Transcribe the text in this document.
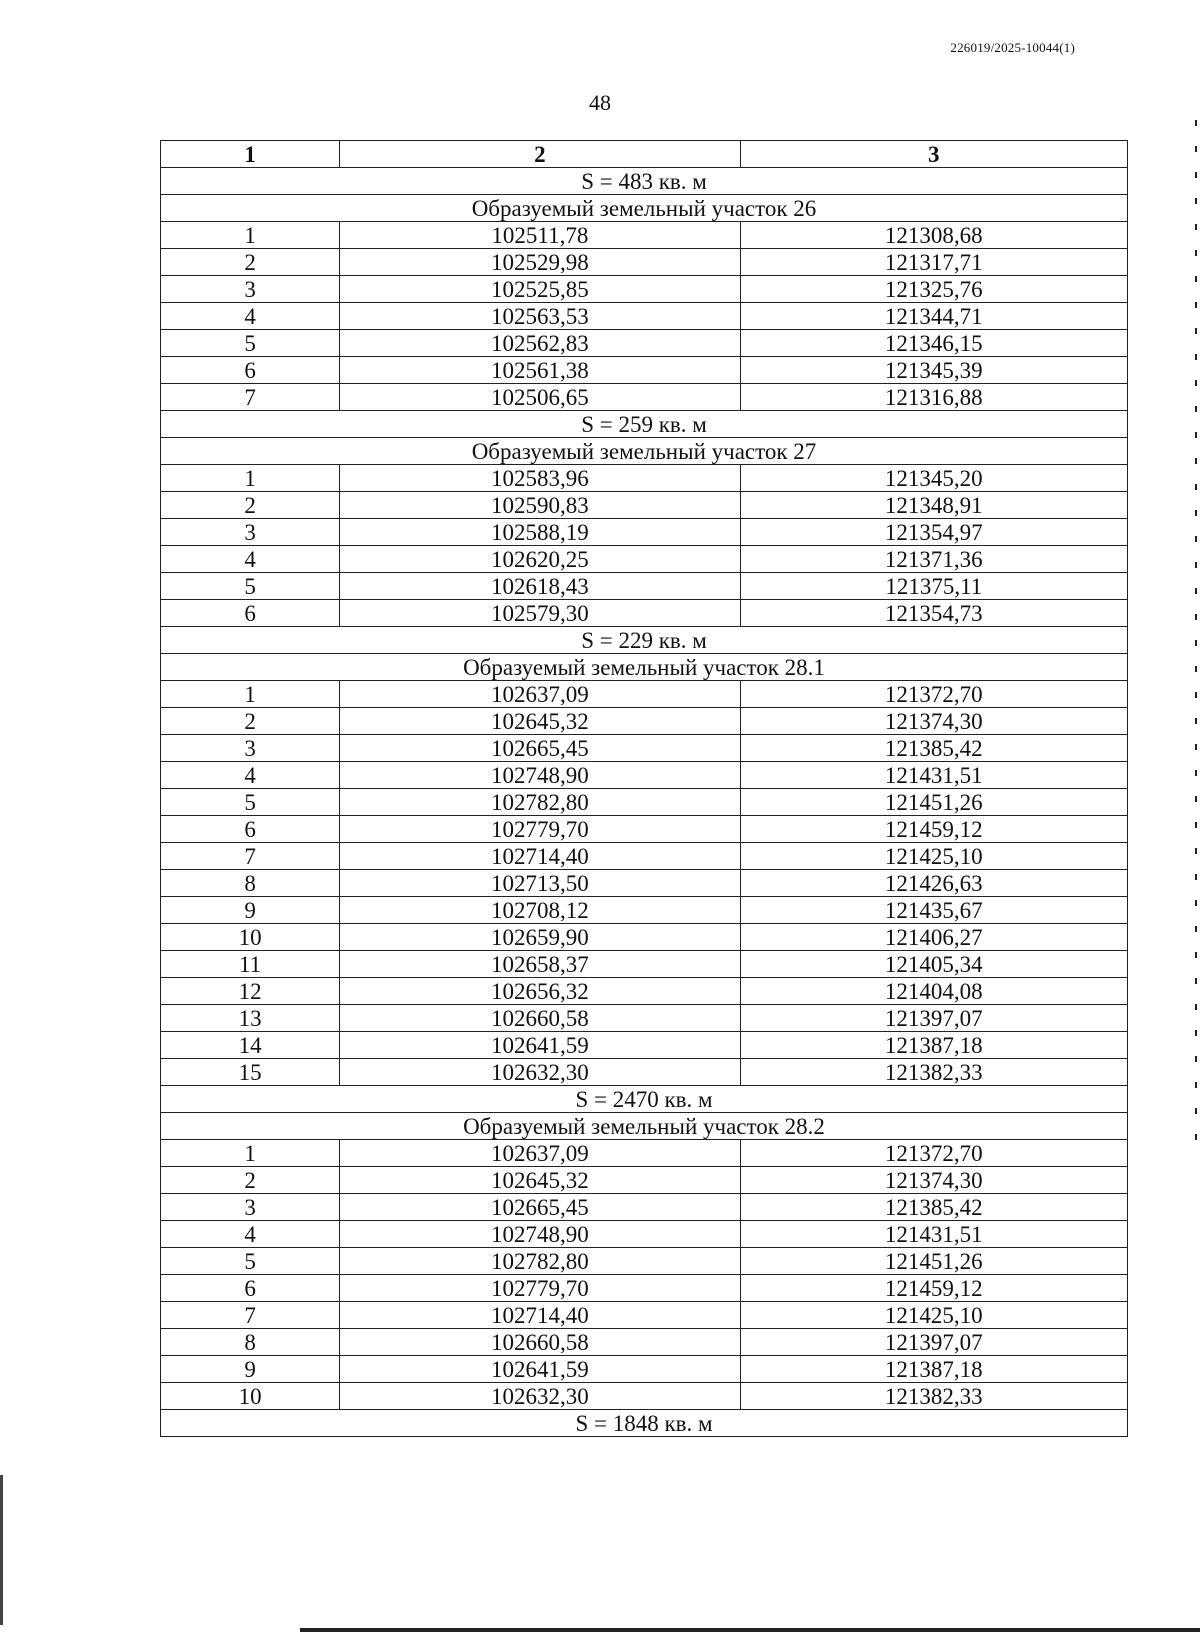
226019/2025-10044(1)
48
1	2	3
S = 483 кв. м		
Образуемый земельный участок 26		
1	102511,78	121308,68
2	102529,98	121317,71
3	102525,85	121325,76
4	102563,53	121344,71
5	102562,83	121346,15
6	102561,38	121345,39
7	102506,65	121316,88
S = 259 кв. м		
Образуемый земельный участок 27		
1	102583,96	121345,20
2	102590,83	121348,91
3	102588,19	121354,97
4	102620,25	121371,36
5	102618,43	121375,11
6	102579,30	121354,73
S = 229 кв. м		
Образуемый земельный участок 28.1		
1	102637,09	121372,70
2	102645,32	121374,30
3	102665,45	121385,42
4	102748,90	121431,51
5	102782,80	121451,26
6	102779,70	121459,12
7	102714,40	121425,10
8	102713,50	121426,63
9	102708,12	121435,67
10	102659,90	121406,27
11	102658,37	121405,34
12	102656,32	121404,08
13	102660,58	121397,07
14	102641,59	121387,18
15	102632,30	121382,33
S = 2470 кв. м		
Образуемый земельный участок 28.2		
1	102637,09	121372,70
2	102645,32	121374,30
3	102665,45	121385,42
4	102748,90	121431,51
5	102782,80	121451,26
6	102779,70	121459,12
7	102714,40	121425,10
8	102660,58	121397,07
9	102641,59	121387,18
10	102632,30	121382,33
S = 1848 кв. м		
